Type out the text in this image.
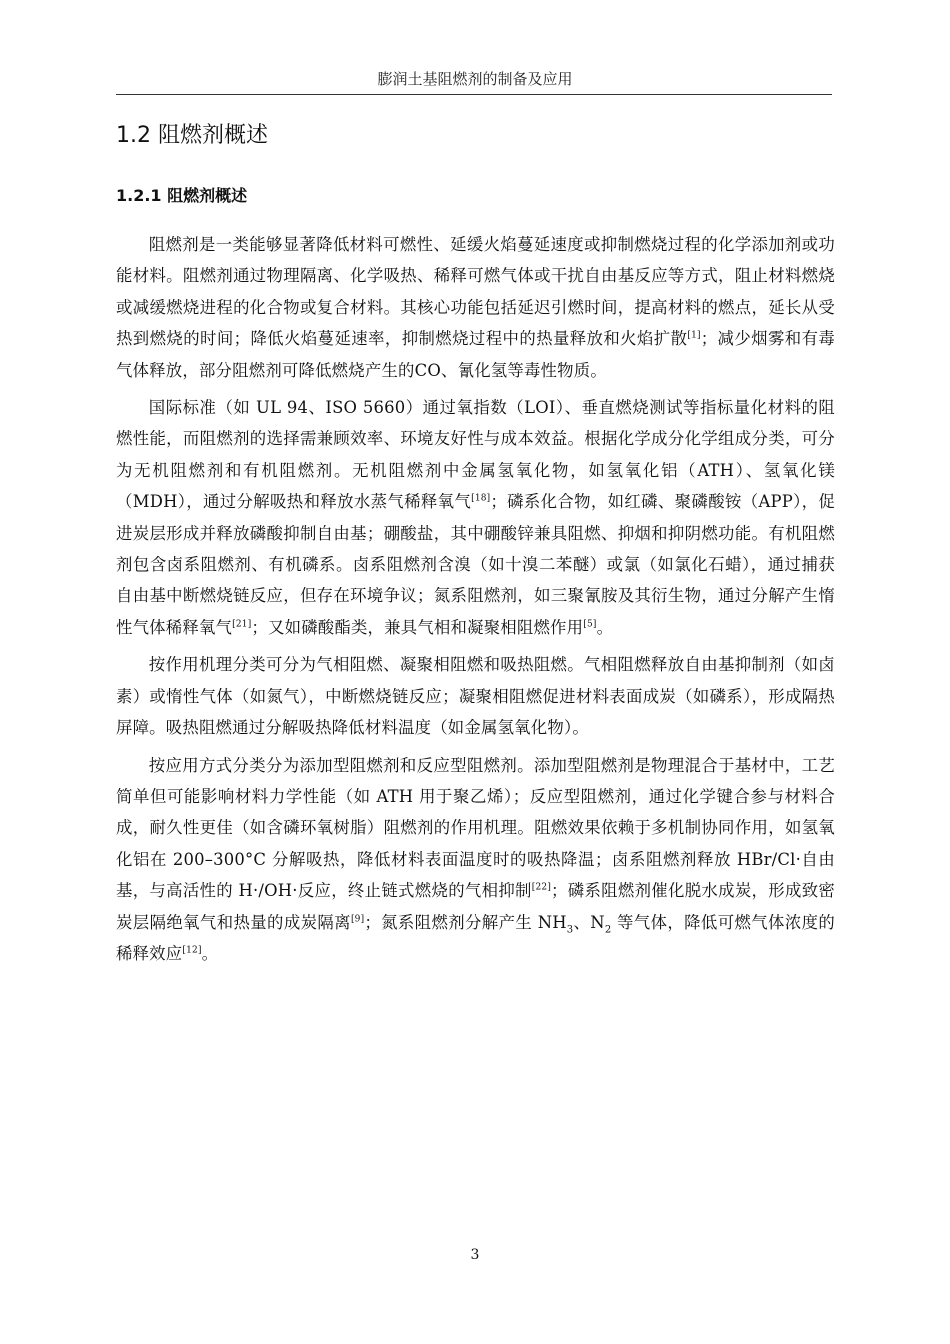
膨润土基阻燃剂的制备及应用
1.2 阻燃剂概述
1.2.1 阻燃剂概述

阻燃剂是一类能够显著降低材料可燃性、延缓火焰蔓延速度或抑制燃烧过程的化学添加剂或功能材料。阻燃剂通过物理隔离、化学吸热、稀释可燃气体或干扰自由基反应等方式，阻止材料燃烧或减缓燃烧进程的化合物或复合材料。其核心功能包括延迟引燃时间，提高材料的燃点，延长从受热到燃烧的时间；降低火焰蔓延速率，抑制燃烧过程中的热量释放和火焰扩散[1]；减少烟雾和有毒气体释放，部分阻燃剂可降低燃烧产生的CO、氰化氢等毒性物质。

国际标准（如 UL 94、ISO 5660）通过氧指数（LOI）、垂直燃烧测试等指标量化材料的阻燃性能，而阻燃剂的选择需兼顾效率、环境友好性与成本效益。根据化学成分化学组成分类，可分为无机阻燃剂和有机阻燃剂。无机阻燃剂中金属氢氧化物，如氢氧化铝（ATH）、氢氧化镁（MDH），通过分解吸热和释放水蒸气稀释氧气[18]；磷系化合物，如红磷、聚磷酸铵（APP），促进炭层形成并释放磷酸抑制自由基；硼酸盐，其中硼酸锌兼具阻燃、抑烟和抑阴燃功能。有机阻燃剂包含卤系阻燃剂、有机磷系。卤系阻燃剂含溴（如十溴二苯醚）或氯（如氯化石蜡），通过捕获自由基中断燃烧链反应，但存在环境争议；氮系阻燃剂，如三聚氰胺及其衍生物，通过分解产生惰性气体稀释氧气[21]；又如磷酸酯类，兼具气相和凝聚相阻燃作用[5]。

按作用机理分类可分为气相阻燃、凝聚相阻燃和吸热阻燃。气相阻燃释放自由基抑制剂（如卤素）或惰性气体（如氮气），中断燃烧链反应；凝聚相阻燃促进材料表面成炭（如磷系），形成隔热屏障。吸热阻燃通过分解吸热降低材料温度（如金属氢氧化物）。

按应用方式分类分为添加型阻燃剂和反应型阻燃剂。添加型阻燃剂是物理混合于基材中，工艺简单但可能影响材料力学性能（如 ATH 用于聚乙烯）；反应型阻燃剂，通过化学键合参与材料合成，耐久性更佳（如含磷环氧树脂）阻燃剂的作用机理。阻燃效果依赖于多机制协同作用，如氢氧化铝在 200–300°C 分解吸热，降低材料表面温度时的吸热降温；卤系阻燃剂释放 HBr/Cl·自由基，与高活性的 H·/OH·反应，终止链式燃烧的气相抑制[22]；磷系阻燃剂催化脱水成炭，形成致密炭层隔绝氧气和热量的成炭隔离[9]；氮系阻燃剂分解产生 $NH_3$、$N_2$ 等气体，降低可燃气体浓度的稀释效应[12]。

3
